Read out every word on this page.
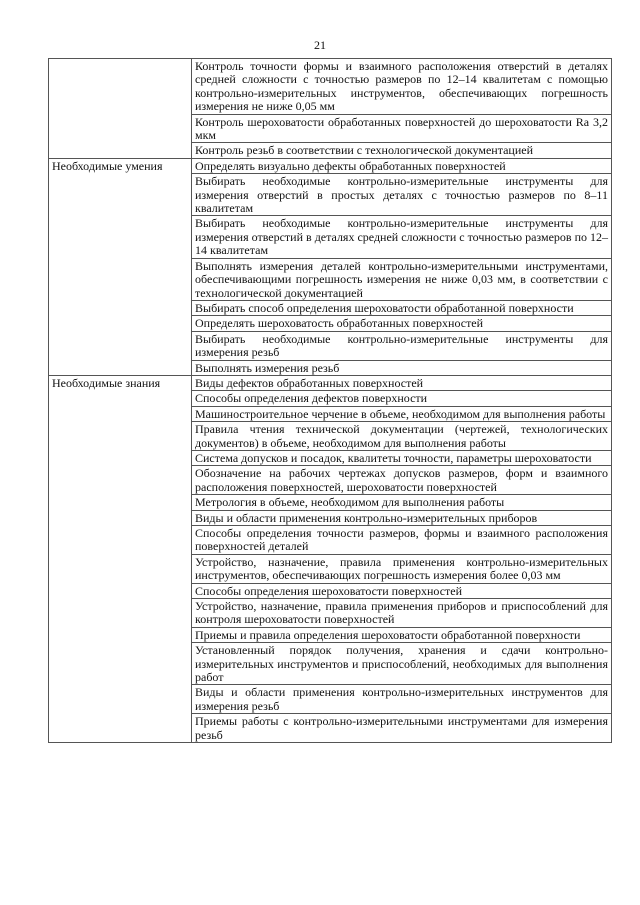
21
	Контроль точности формы и взаимного расположения отверстий в деталях средней сложности с точностью размеров по 12–14 квалитетам с помощью контрольно-измерительных инструментов, обеспечивающих погрешность измерения не ниже 0,05 мм
	Контроль шероховатости обработанных поверхностей до шероховатости Ra 3,2 мкм
	Контроль резьб в соответствии с технологической документацией

Необходимые умения	Определять визуально дефекты обработанных поверхностей
	Выбирать необходимые контрольно-измерительные инструменты для измерения отверстий в простых деталях с точностью размеров по 8–11 квалитетам
	Выбирать необходимые контрольно-измерительные инструменты для измерения отверстий в деталях средней сложности с точностью размеров по 12–14 квалитетам
	Выполнять измерения деталей контрольно-измерительными инструментами, обеспечивающими погрешность измерения не ниже 0,03 мм, в соответствии с технологической документацией
	Выбирать способ определения шероховатости обработанной поверхности
	Определять шероховатость обработанных поверхностей
	Выбирать необходимые контрольно-измерительные инструменты для измерения резьб
	Выполнять измерения резьб

Необходимые знания	Виды дефектов обработанных поверхностей
	Способы определения дефектов поверхности
	Машиностроительное черчение в объеме, необходимом для выполнения работы
	Правила чтения технической документации (чертежей, технологических документов) в объеме, необходимом для выполнения работы
	Система допусков и посадок, квалитеты точности, параметры шероховатости
	Обозначение на рабочих чертежах допусков размеров, форм и взаимного расположения поверхностей, шероховатости поверхностей
	Метрология в объеме, необходимом для выполнения работы
	Виды и области применения контрольно-измерительных приборов
	Способы определения точности размеров, формы и взаимного расположения поверхностей деталей
	Устройство, назначение, правила применения контрольно-измерительных инструментов, обеспечивающих погрешность измерения более 0,03 мм
	Способы определения шероховатости поверхностей
	Устройство, назначение, правила применения приборов и приспособлений для контроля шероховатости поверхностей
	Приемы и правила определения шероховатости обработанной поверхности
	Установленный порядок получения, хранения и сдачи контрольно-измерительных инструментов и приспособлений, необходимых для выполнения работ
	Виды и области применения контрольно-измерительных инструментов для измерения резьб
	Приемы работы с контрольно-измерительными инструментами для измерения резьб
